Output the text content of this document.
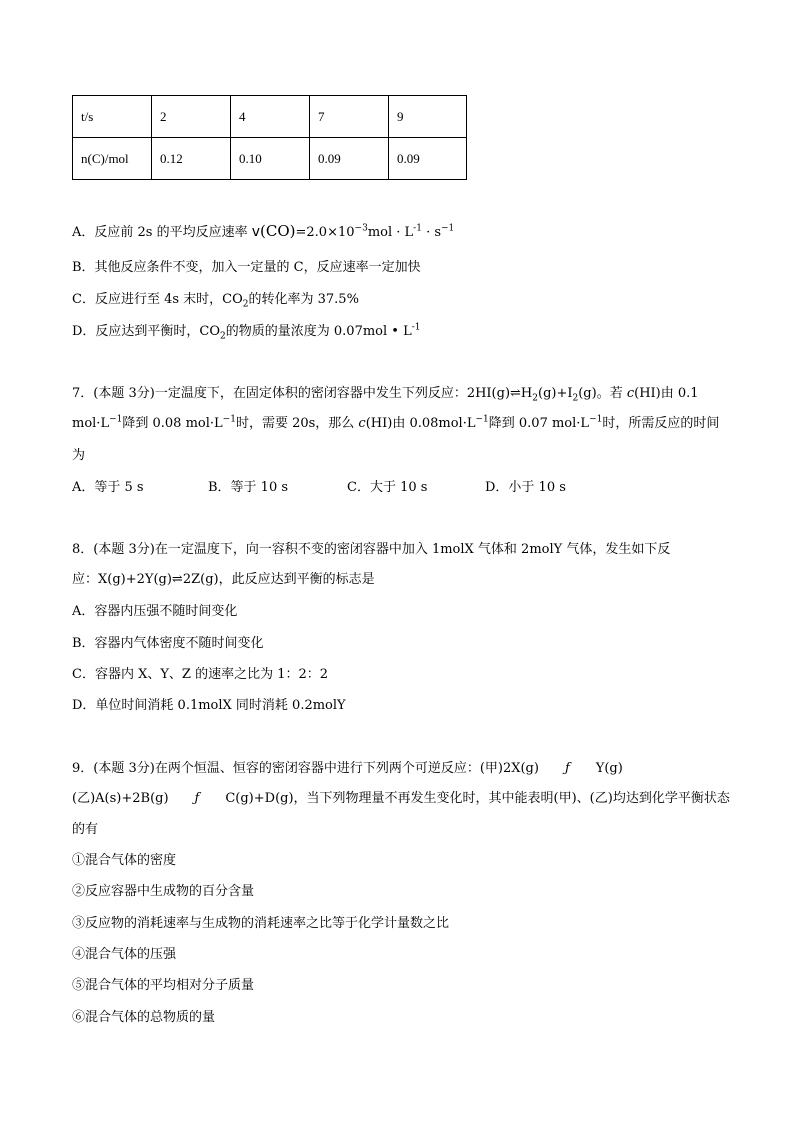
t/s	2	4	7	9
n(C)/mol	0.12	0.10	0.09	0.09
A．反应前 2s 的平均反应速率 $v(CO)=2.0\times 10^{-3}mol \cdot L^{-1} \cdot s^{-1}$
B．其他反应条件不变，加入一定量的 C，反应速率一定加快
C．反应进行至 4s 末时，$CO_2$的转化率为 37.5%
D．反应达到平衡时，$CO_2$的物质的量浓度为 0.07mol • $L^{-1}$
7．(本题 3分)一定温度下，在固定体积的密闭容器中发生下列反应：$2HI(g)\rightleftharpoons H_2(g)+I_2(g)$。若 c(HI)由 0.1
$mol\cdot L^{-1}$降到 0.08 $mol\cdot L^{-1}$时，需要 20s，那么 c(HI)由 $0.08mol\cdot L^{-1}$降到 0.07 $mol\cdot L^{-1}$时，所需反应的时间
为
A．等于 5 s	B．等于 10 s	C．大于 10 s	D．小于 10 s
8．(本题 3分)在一定温度下，向一容积不变的密闭容器中加入 1molX 气体和 2molY 气体，发生如下反
应：X(g)+2Y(g)⇌2Z(g)，此反应达到平衡的标志是
A．容器内压强不随时间变化
B．容器内气体密度不随时间变化
C．容器内 X、Y、Z 的速率之比为 1：2：2
D．单位时间消耗 0.1molX 同时消耗 0.2molY
9．(本题 3分)在两个恒温、恒容的密闭容器中进行下列两个可逆反应：(甲)2X(g) ƒ Y(g)
(乙)A(s)+2B(g) ƒ C(g)+D(g)，当下列物理量不再发生变化时，其中能表明(甲)、(乙)均达到化学平衡状态
的有
①混合气体的密度
②反应容器中生成物的百分含量
③反应物的消耗速率与生成物的消耗速率之比等于化学计量数之比
④混合气体的压强
⑤混合气体的平均相对分子质量
⑥混合气体的总物质的量
